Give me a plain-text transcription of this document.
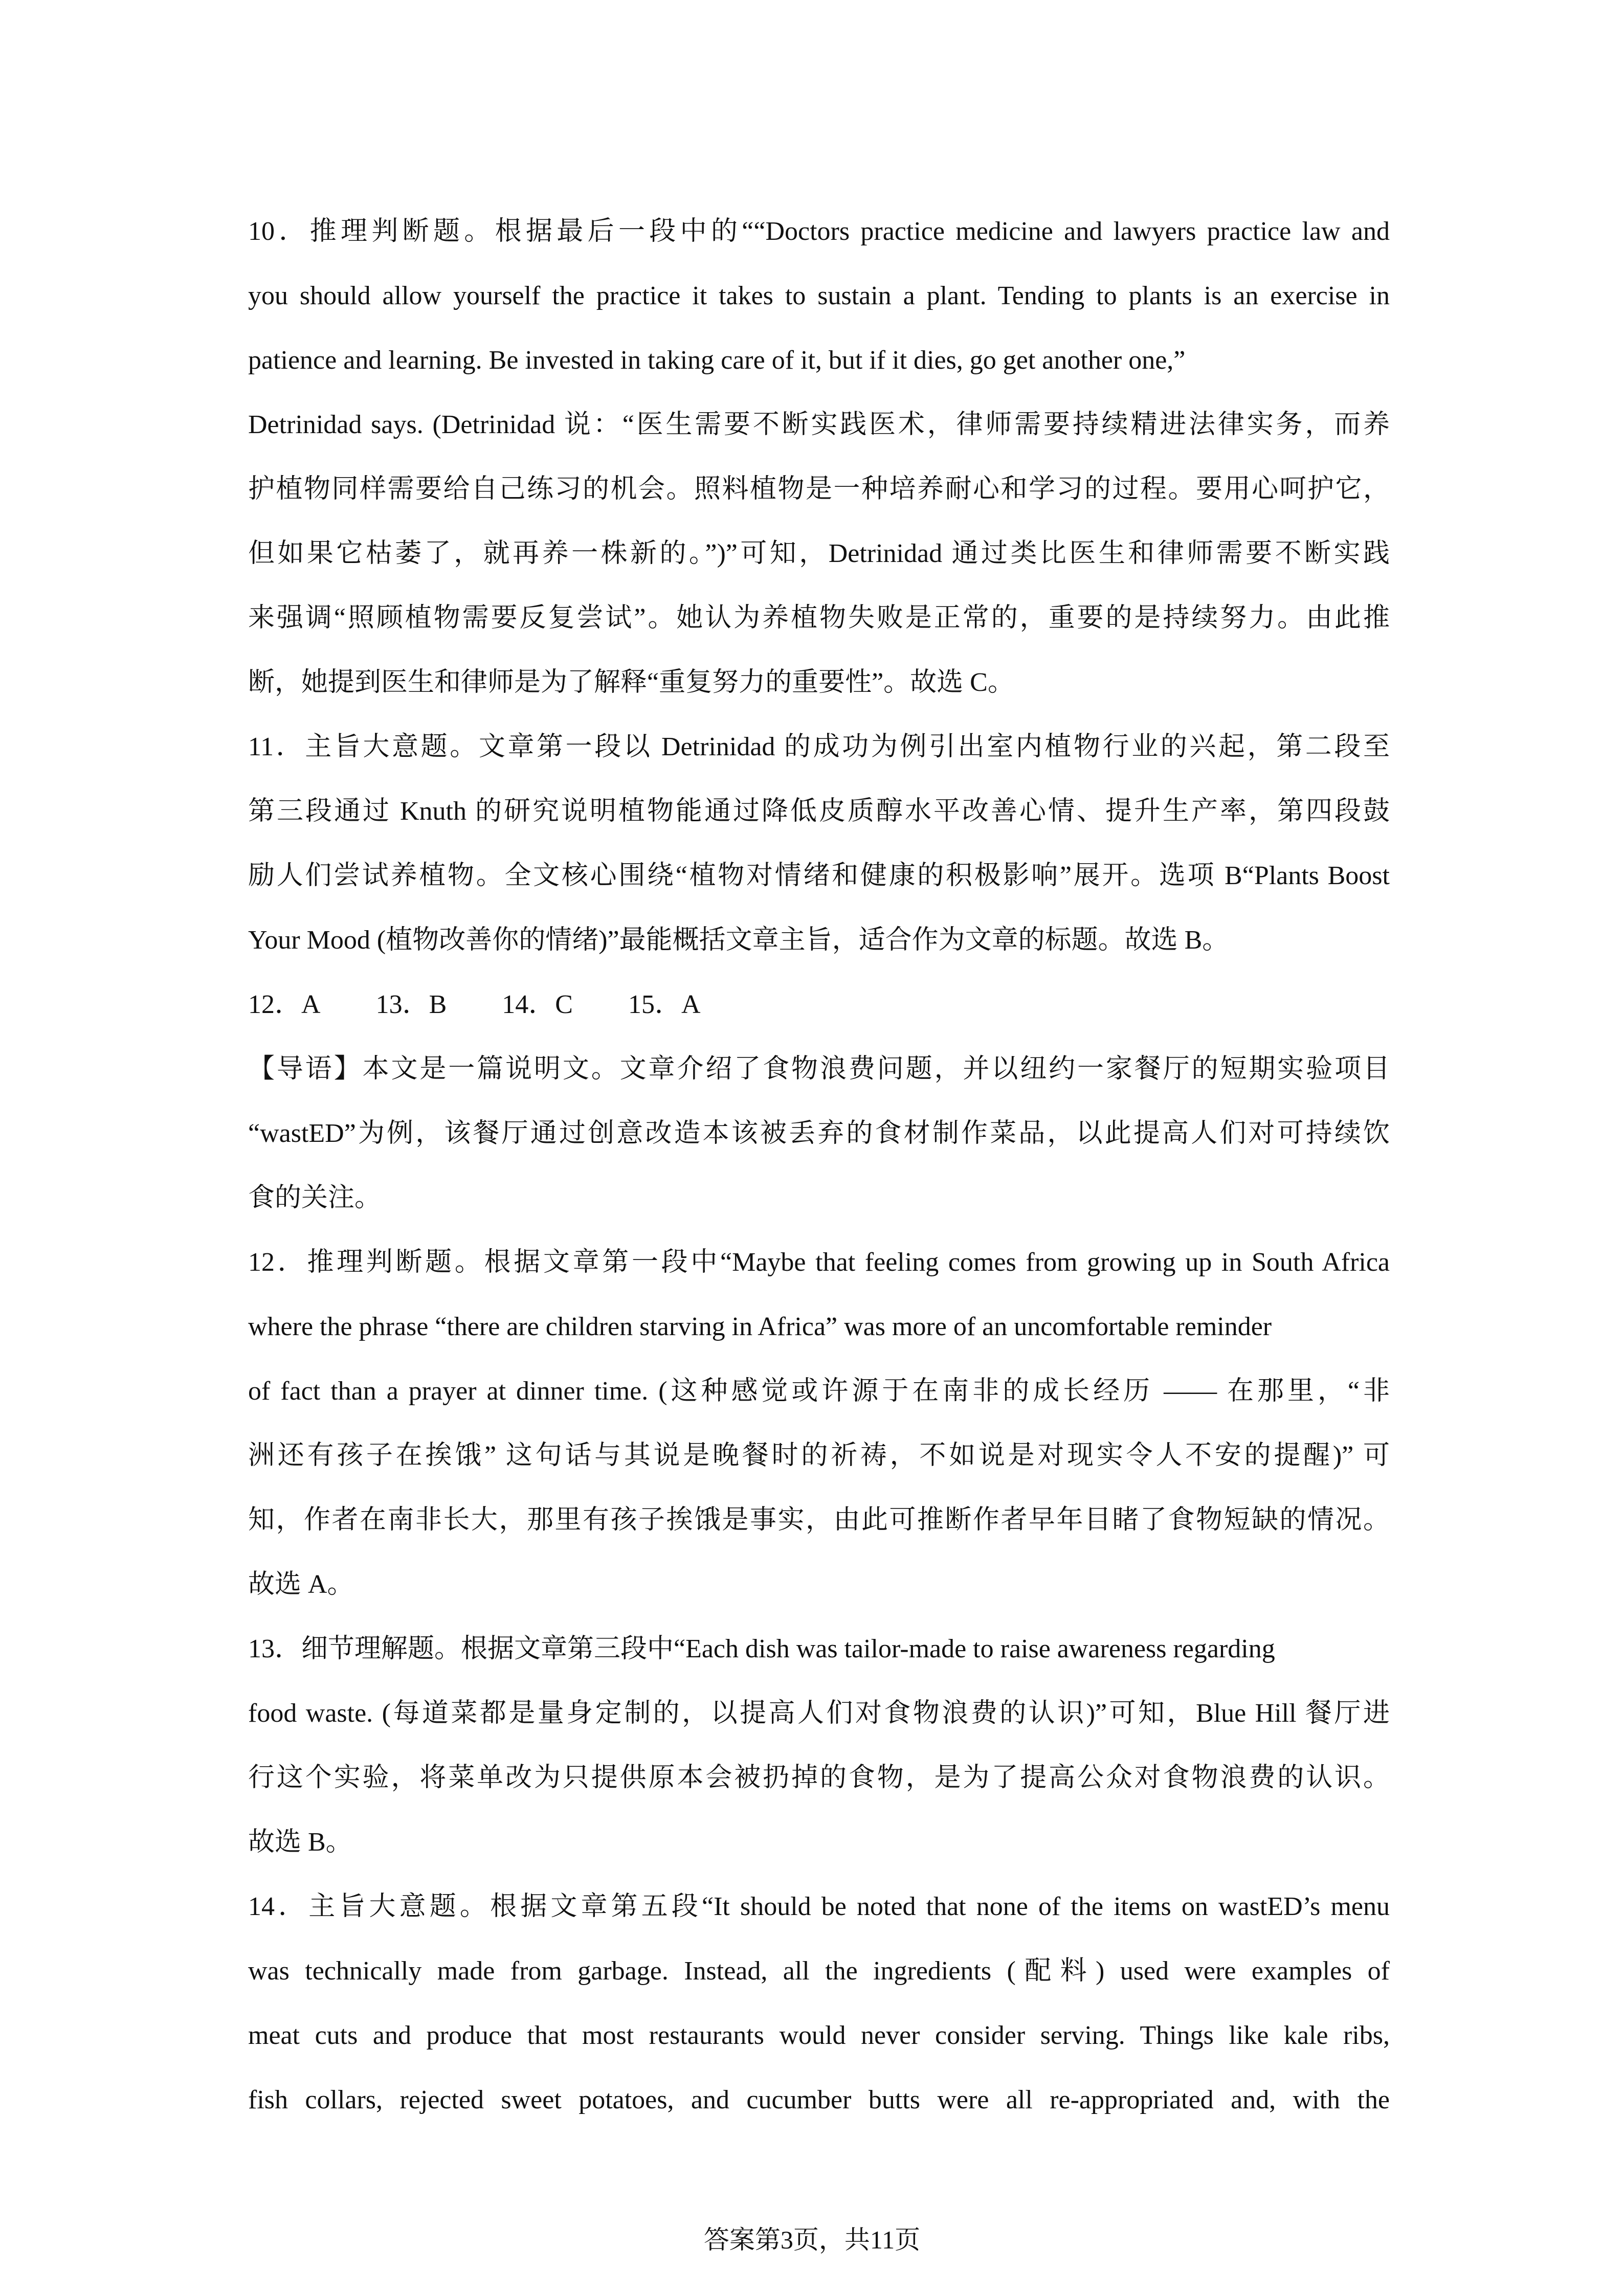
10．推理判断题。根据最后一段中的““Doctors practice medicine and lawyers practice law and
you should allow yourself the practice it takes to sustain a plant. Tending to plants is an exercise in
patience and learning. Be invested in taking care of it, but if it dies, go get another one,”
Detrinidad says. (Detrinidad 说：“医生需要不断实践医术，律师需要持续精进法律实务，而养
护植物同样需要给自己练习的机会。照料植物是一种培养耐心和学习的过程。要用心呵护它，
但如果它枯萎了，就再养一株新的。”)”可知，Detrinidad 通过类比医生和律师需要不断实践
来强调“照顾植物需要反复尝试”。她认为养植物失败是正常的，重要的是持续努力。由此推
断，她提到医生和律师是为了解释“重复努力的重要性”。故选 C。
11．主旨大意题。文章第一段以 Detrinidad 的成功为例引出室内植物行业的兴起，第二段至
第三段通过 Knuth 的研究说明植物能通过降低皮质醇水平改善心情、提升生产率，第四段鼓
励人们尝试养植物。全文核心围绕“植物对情绪和健康的积极影响”展开。选项 B“Plants Boost
Your Mood (植物改善你的情绪)”最能概括文章主旨，适合作为文章的标题。故选 B。
12．A 13．B 14．C 15．A
【导语】本文是一篇说明文。文章介绍了食物浪费问题，并以纽约一家餐厅的短期实验项目
“wastED”为例，该餐厅通过创意改造本该被丢弃的食材制作菜品，以此提高人们对可持续饮
食的关注。
12．推理判断题。根据文章第一段中“Maybe that feeling comes from growing up in South Africa
where the phrase “there are children starving in Africa” was more of an uncomfortable reminder
of fact than a prayer at dinner time. (这种感觉或许源于在南非的成长经历 —— 在那里，“非
洲还有孩子在挨饿” 这句话与其说是晚餐时的祈祷，不如说是对现实令人不安的提醒)” 可
知，作者在南非长大，那里有孩子挨饿是事实，由此可推断作者早年目睹了食物短缺的情况。
故选 A。
13．细节理解题。根据文章第三段中“Each dish was tailor-made to raise awareness regarding
food waste. (每道菜都是量身定制的，以提高人们对食物浪费的认识)”可知，Blue Hill 餐厅进
行这个实验，将菜单改为只提供原本会被扔掉的食物，是为了提高公众对食物浪费的认识。
故选 B。
14．主旨大意题。根据文章第五段“It should be noted that none of the items on wastED’s menu
was technically made from garbage. Instead, all the ingredients (配料) used were examples of
meat cuts and produce that most restaurants would never consider serving. Things like kale ribs,
fish collars, rejected sweet potatoes, and cucumber butts were all re-appropriated and, with the
答案第3页，共11页
